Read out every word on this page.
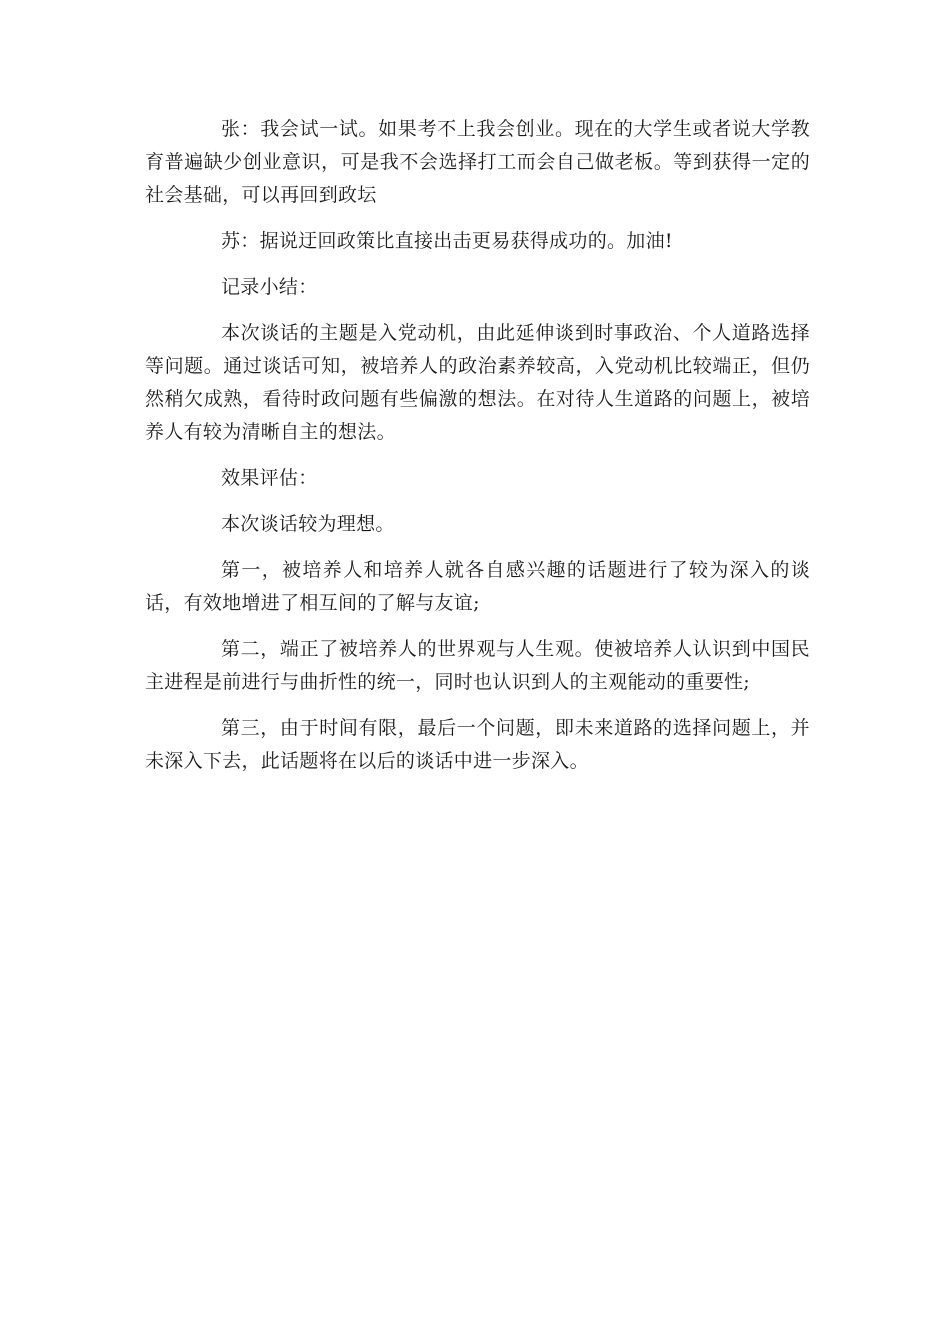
张：我会试一试。如果考不上我会创业。现在的大学生或者说大学教育普遍缺少创业意识，可是我不会选择打工而会自己做老板。等到获得一定的社会基础，可以再回到政坛

苏：据说迂回政策比直接出击更易获得成功的。加油!

记录小结：

本次谈话的主题是入党动机，由此延伸谈到时事政治、个人道路选择等问题。通过谈话可知，被培养人的政治素养较高，入党动机比较端正，但仍然稍欠成熟，看待时政问题有些偏激的想法。在对待人生道路的问题上，被培养人有较为清晰自主的想法。

效果评估：

本次谈话较为理想。

第一，被培养人和培养人就各自感兴趣的话题进行了较为深入的谈话，有效地增进了相互间的了解与友谊;

第二，端正了被培养人的世界观与人生观。使被培养人认识到中国民主进程是前进行与曲折性的统一，同时也认识到人的主观能动的重要性;

第三，由于时间有限，最后一个问题，即未来道路的选择问题上，并未深入下去，此话题将在以后的谈话中进一步深入。
